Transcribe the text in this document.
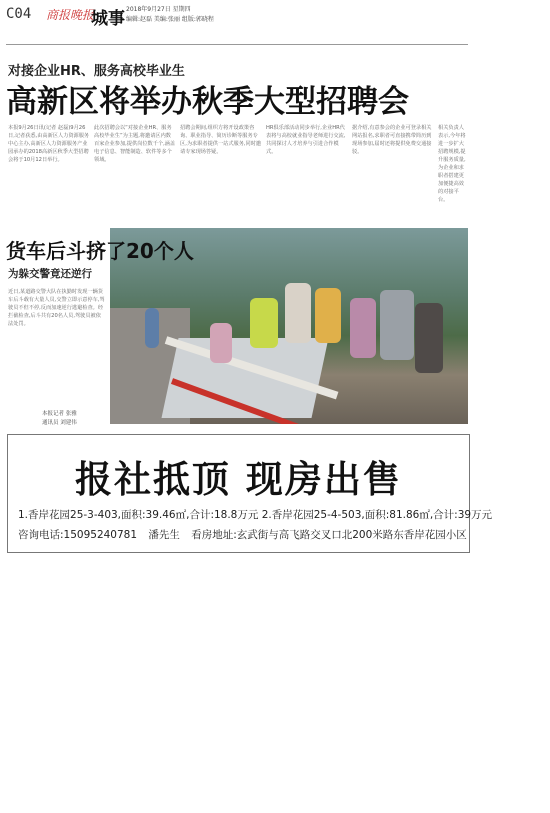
C04 商报晚报
城事 2018年9月27日 星期四
编辑:赵磊 美编:张丽 组版:郭晓程
对接企业HR、服务高校毕业生
高新区将举办秋季大型招聘会
本报9月26日讯(记者 赵磊)9月26日,记者获悉,由高新区人力资源服务中心主办,高新区人力资源服务产业园承办的2018高新区秋季大型招聘会将于10月12日举行。
此次招聘会以“对接企业HR、服务高校毕业生”为主题,将邀请区内数百家企业参加,提供岗位数千个,涵盖电子信息、智能制造、软件等多个领域。
招聘会期间,组织方将开设政策咨询、职业指导、简历诊断等服务专区,为求职者提供一站式服务,同时邀请专家现场答疑。
HR俱乐部活动同步举行,企业HR代表将与高校就业指导老师进行交流,共同探讨人才培养与引进合作模式。
据介绍,有意参会的企业可登录相关网站报名,求职者可直接携带简历到现场参加,届时还将提供免费交通接驳。
相关负责人表示,今年将进一步扩大招聘规模,提升服务质量,为企业和求职者搭建更加便捷高效的对接平台。
货车后斗挤了20个人
为躲交警竟还逆行
近日,某道路交警大队在执勤时发现一辆货车后斗载有大量人员,交警立即示意停车,驾驶员不但不停,反而加速逆行逃避检查。经拦截检查,后斗共有20名人员,驾驶员被依法处罚。
本报记者 张雅
通讯员 刘建伟
报社抵顶 现房出售
1.香岸花园25-3-403,面积:39.46㎡,合计:18.8万元 2.香岸花园25-4-503,面积:81.86㎡,合计:39万元
咨询电话:15095240781 潘先生 看房地址:玄武街与高飞路交叉口北200米路东香岸花园小区
